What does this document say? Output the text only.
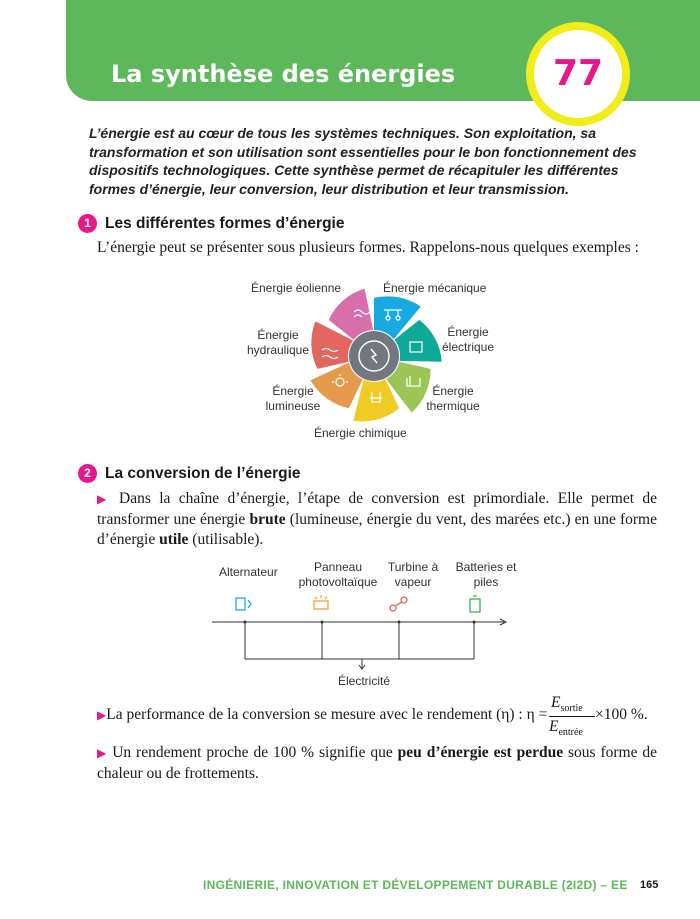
La synthèse des énergies	77
L’énergie est au cœur de tous les systèmes techniques. Son exploitation, sa transformation et son utilisation sont essentielles pour le bon fonctionnement des dispositifs technologiques. Cette synthèse permet de récapituler les différentes formes d’énergie, leur conversion, leur distribution et leur transmission.
1 Les différentes formes d’énergie
L’énergie peut se présenter sous plusieurs formes. Rappelons-nous quelques exemples :
Énergie éolienne	Énergie mécanique
Énergie
électrique
Énergie
hydraulique
Énergie
thermique
Énergie
lumineuse
Énergie chimique
2 La conversion de l’énergie
▶ Dans la chaîne d’énergie, l’étape de conversion est primordiale. Elle permet de transformer une énergie brute (lumineuse, énergie du vent, des marées etc.) en une forme d’énergie utile (utilisable).
Alternateur	Panneau
photovoltaïque
Turbine à
vapeur
Batteries et
piles
Électricité
▶La performance de la conversion se mesure avec le rendement (η) : η =
$E_{sortie}$
$E_{entrée}$
×100 %.
▶ Un rendement proche de 100 % signifie que peu d’énergie est perdue sous forme de chaleur ou de frottements.
INGÉNIERIE, INNOVATION ET DÉVELOPPEMENT DURABLE (2I2D) – EE 165
